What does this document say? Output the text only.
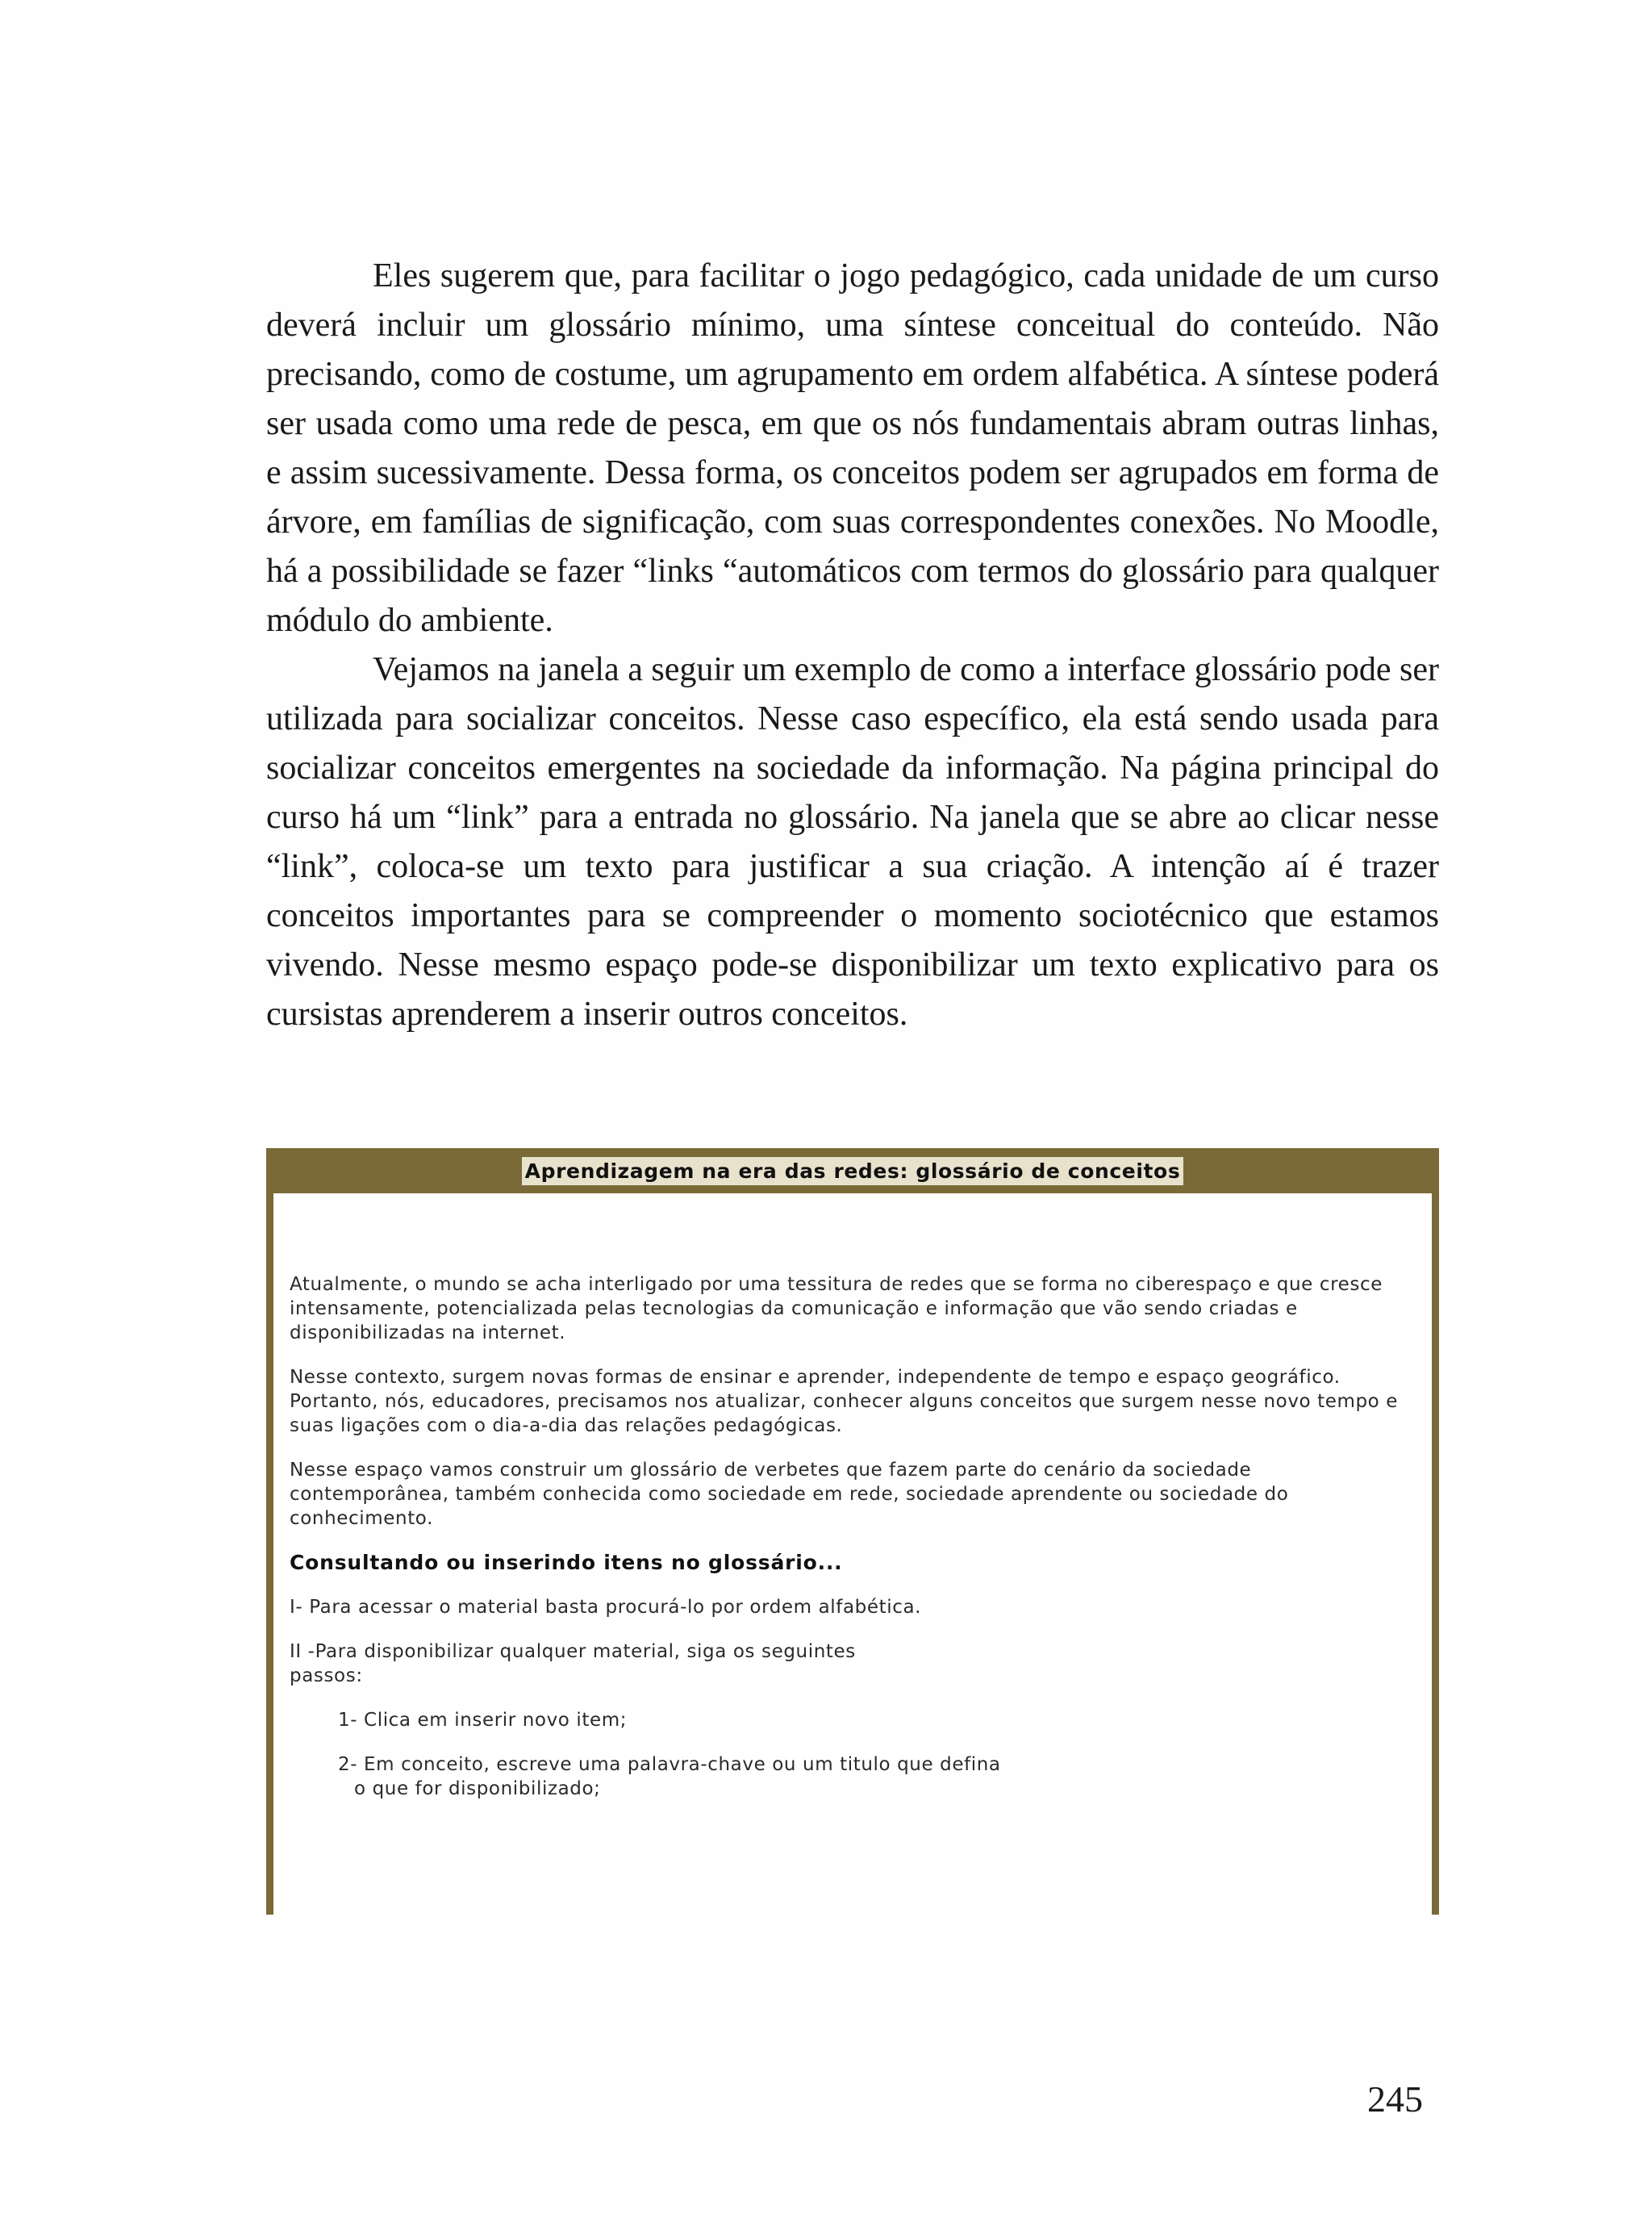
Eles sugerem que, para facilitar o jogo pedagógico, cada unidade de um curso deverá incluir um glossário mínimo, uma síntese conceitual do conteúdo. Não precisando, como de costume, um agrupamento em ordem alfabética. A síntese poderá ser usada como uma rede de pesca, em que os nós fundamentais abram outras linhas, e assim sucessivamente. Dessa forma, os conceitos podem ser agrupados em forma de árvore, em famílias de significação, com suas correspondentes conexões. No Moodle, há a possibilidade se fazer “links “automáticos com termos do glossário para qualquer módulo do ambiente.

Vejamos na janela a seguir um exemplo de como a interface glossário pode ser utilizada para socializar conceitos. Nesse caso específico, ela está sendo usada para socializar conceitos emergentes na sociedade da informação. Na página principal do curso há um “link” para a entrada no glossário. Na janela que se abre ao clicar nesse “link”, coloca-se um texto para justificar a sua criação. A intenção aí é trazer conceitos importantes para se compreender o momento sociotécnico que estamos vivendo. Nesse mesmo espaço pode-se disponibilizar um texto explicativo para os cursistas aprenderem a inserir outros conceitos.

Aprendizagem na era das redes: glossário de conceitos

Atualmente, o mundo se acha interligado por uma tessitura de redes que se forma no ciberespaço e que cresce intensamente, potencializada pelas tecnologias da comunicação e informação que vão sendo criadas e disponibilizadas na internet.

Nesse contexto, surgem novas formas de ensinar e aprender, independente de tempo e espaço geográfico. Portanto, nós, educadores, precisamos nos atualizar, conhecer alguns conceitos que surgem nesse novo tempo e suas ligações com o dia-a-dia das relações pedagógicas.

Nesse espaço vamos construir um glossário de verbetes que fazem parte do cenário da sociedade contemporânea, também conhecida como sociedade em rede, sociedade aprendente ou sociedade do conhecimento.

Consultando ou inserindo itens no glossário...

I- Para acessar o material basta procurá-lo por ordem alfabética.

II -Para disponibilizar qualquer material, siga os seguintes
passos:

1- Clica em inserir novo item;

2- Em conceito, escreve uma palavra-chave ou um titulo que defina
o que for disponibilizado;

245
